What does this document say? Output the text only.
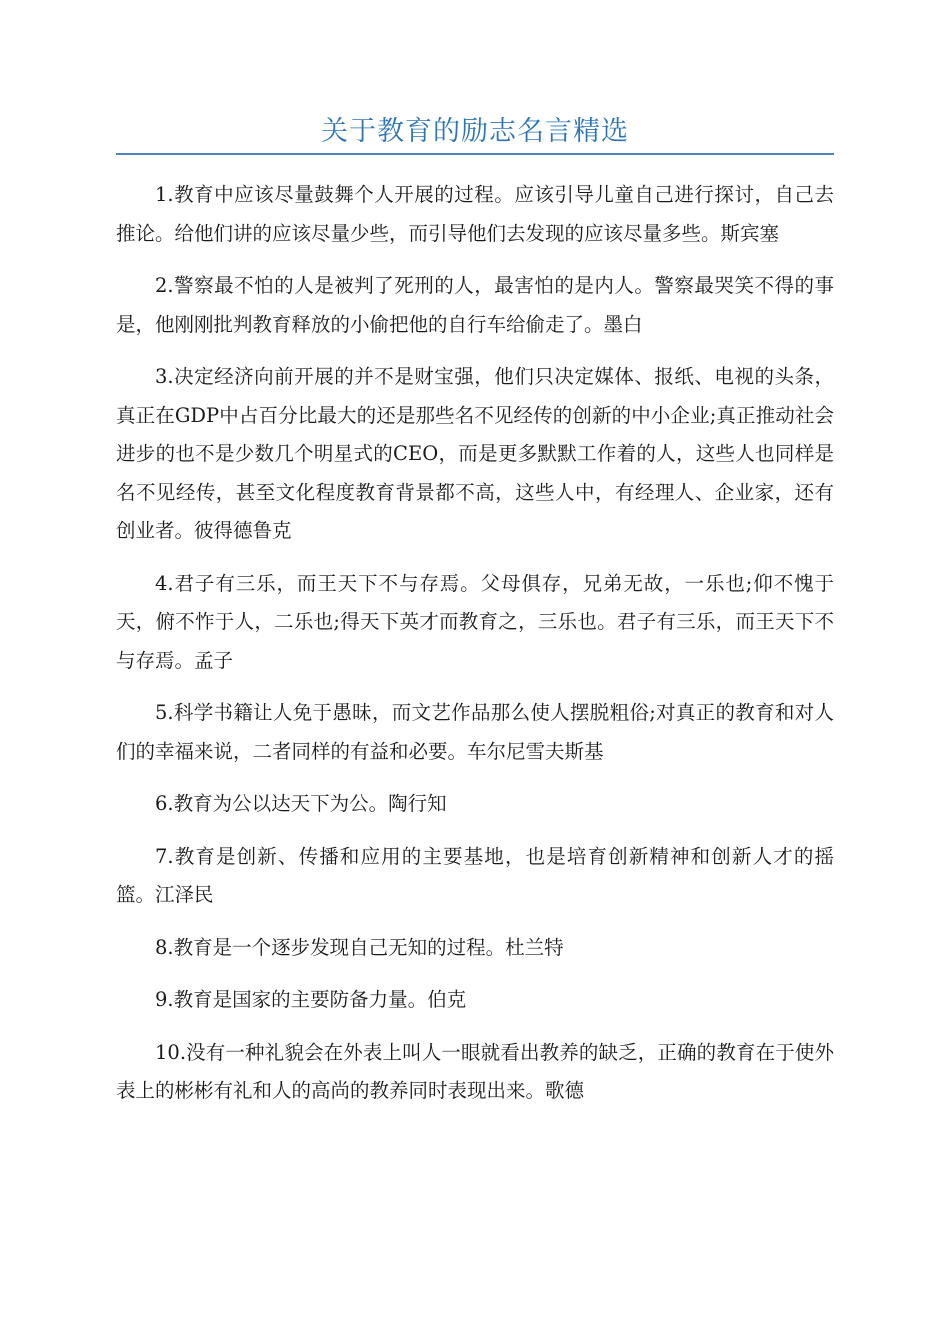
关于教育的励志名言精选

1.教育中应该尽量鼓舞个人开展的过程。应该引导儿童自己进行探讨，自己去推论。给他们讲的应该尽量少些，而引导他们去发现的应该尽量多些。斯宾塞

2.警察最不怕的人是被判了死刑的人，最害怕的是内人。警察最哭笑不得的事是，他刚刚批判教育释放的小偷把他的自行车给偷走了。墨白

3.决定经济向前开展的并不是财宝强，他们只决定媒体、报纸、电视的头条，真正在GDP中占百分比最大的还是那些名不见经传的创新的中小企业;真正推动社会进步的也不是少数几个明星式的CEO，而是更多默默工作着的人，这些人也同样是名不见经传，甚至文化程度教育背景都不高，这些人中，有经理人、企业家，还有创业者。彼得德鲁克

4.君子有三乐，而王天下不与存焉。父母俱存，兄弟无故，一乐也;仰不愧于天，俯不怍于人，二乐也;得天下英才而教育之，三乐也。君子有三乐，而王天下不与存焉。孟子

5.科学书籍让人免于愚昧，而文艺作品那么使人摆脱粗俗;对真正的教育和对人们的幸福来说，二者同样的有益和必要。车尔尼雪夫斯基

6.教育为公以达天下为公。陶行知

7.教育是创新、传播和应用的主要基地，也是培育创新精神和创新人才的摇篮。江泽民

8.教育是一个逐步发现自己无知的过程。杜兰特

9.教育是国家的主要防备力量。伯克

10.没有一种礼貌会在外表上叫人一眼就看出教养的缺乏，正确的教育在于使外表上的彬彬有礼和人的高尚的教养同时表现出来。歌德
